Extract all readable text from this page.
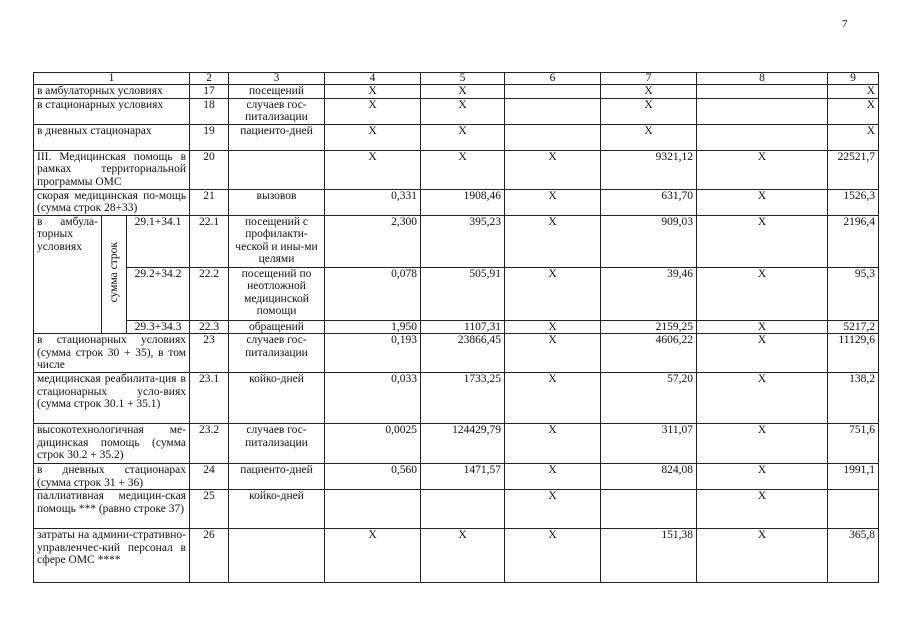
7
1			2	3	4	5	6	7	8	9	
в амбулаторных условиях			17	посещений	X	X		X		X	
в стационарных условиях			18	случаев гос-питализации	X	X		X		X	
в дневных стационарах			19	пациенто-дней	X	X		X		X	
III. Медицинская помощь в рамках территориальной программы ОМС			20		X	X	X	9321,12	X	22521,7	
скорая медицинская по-мощь (сумма строк 28+33)			21	вызовов	0,331	1908,46	X	631,70	X	1526,3	
в амбула-торных условиях	сумма строк	29.1+34.1	22.1	посещений с профилакти-ческой и ины-ми целями	2,300	395,23	X	909,03	X	2196,4	
		29.2+34.2	22.2	посещений по неотложной медицинской помощи	0,078	505,91	X	39,46	X	95,3	
		29.3+34.3	22.3	обращений	1,950	1107,31	X	2159,25	X	5217,2	
в стационарных условиях (сумма строк 30 + 35), в том числе			23	случаев гос-питализации	0,193	23866,45	X	4606,22	X	11129,6	
медицинская реабилита-ция в стационарных усло-виях (сумма строк 30.1 + 35.1)			23.1	койко-дней	0,033	1733,25	X	57,20	X	138,2	
высокотехнологичная ме-дицинская помощь (сумма строк 30.2 + 35.2)			23.2	случаев гос-питализации	0,0025	124429,79	X	311,07	X	751,6	
в дневных стационарах (сумма строк 31 + 36)			24	пациенто-дней	0,560	1471,57	X	824,08	X	1991,1	
паллиативная медицин-ская помощь *** (равно строке 37)			25	койко-дней			X		X		
затраты на админи-стративно-управленчес-кий персонал в сфере ОМС ****			26		X	X	X	151,38	X	365,8	
